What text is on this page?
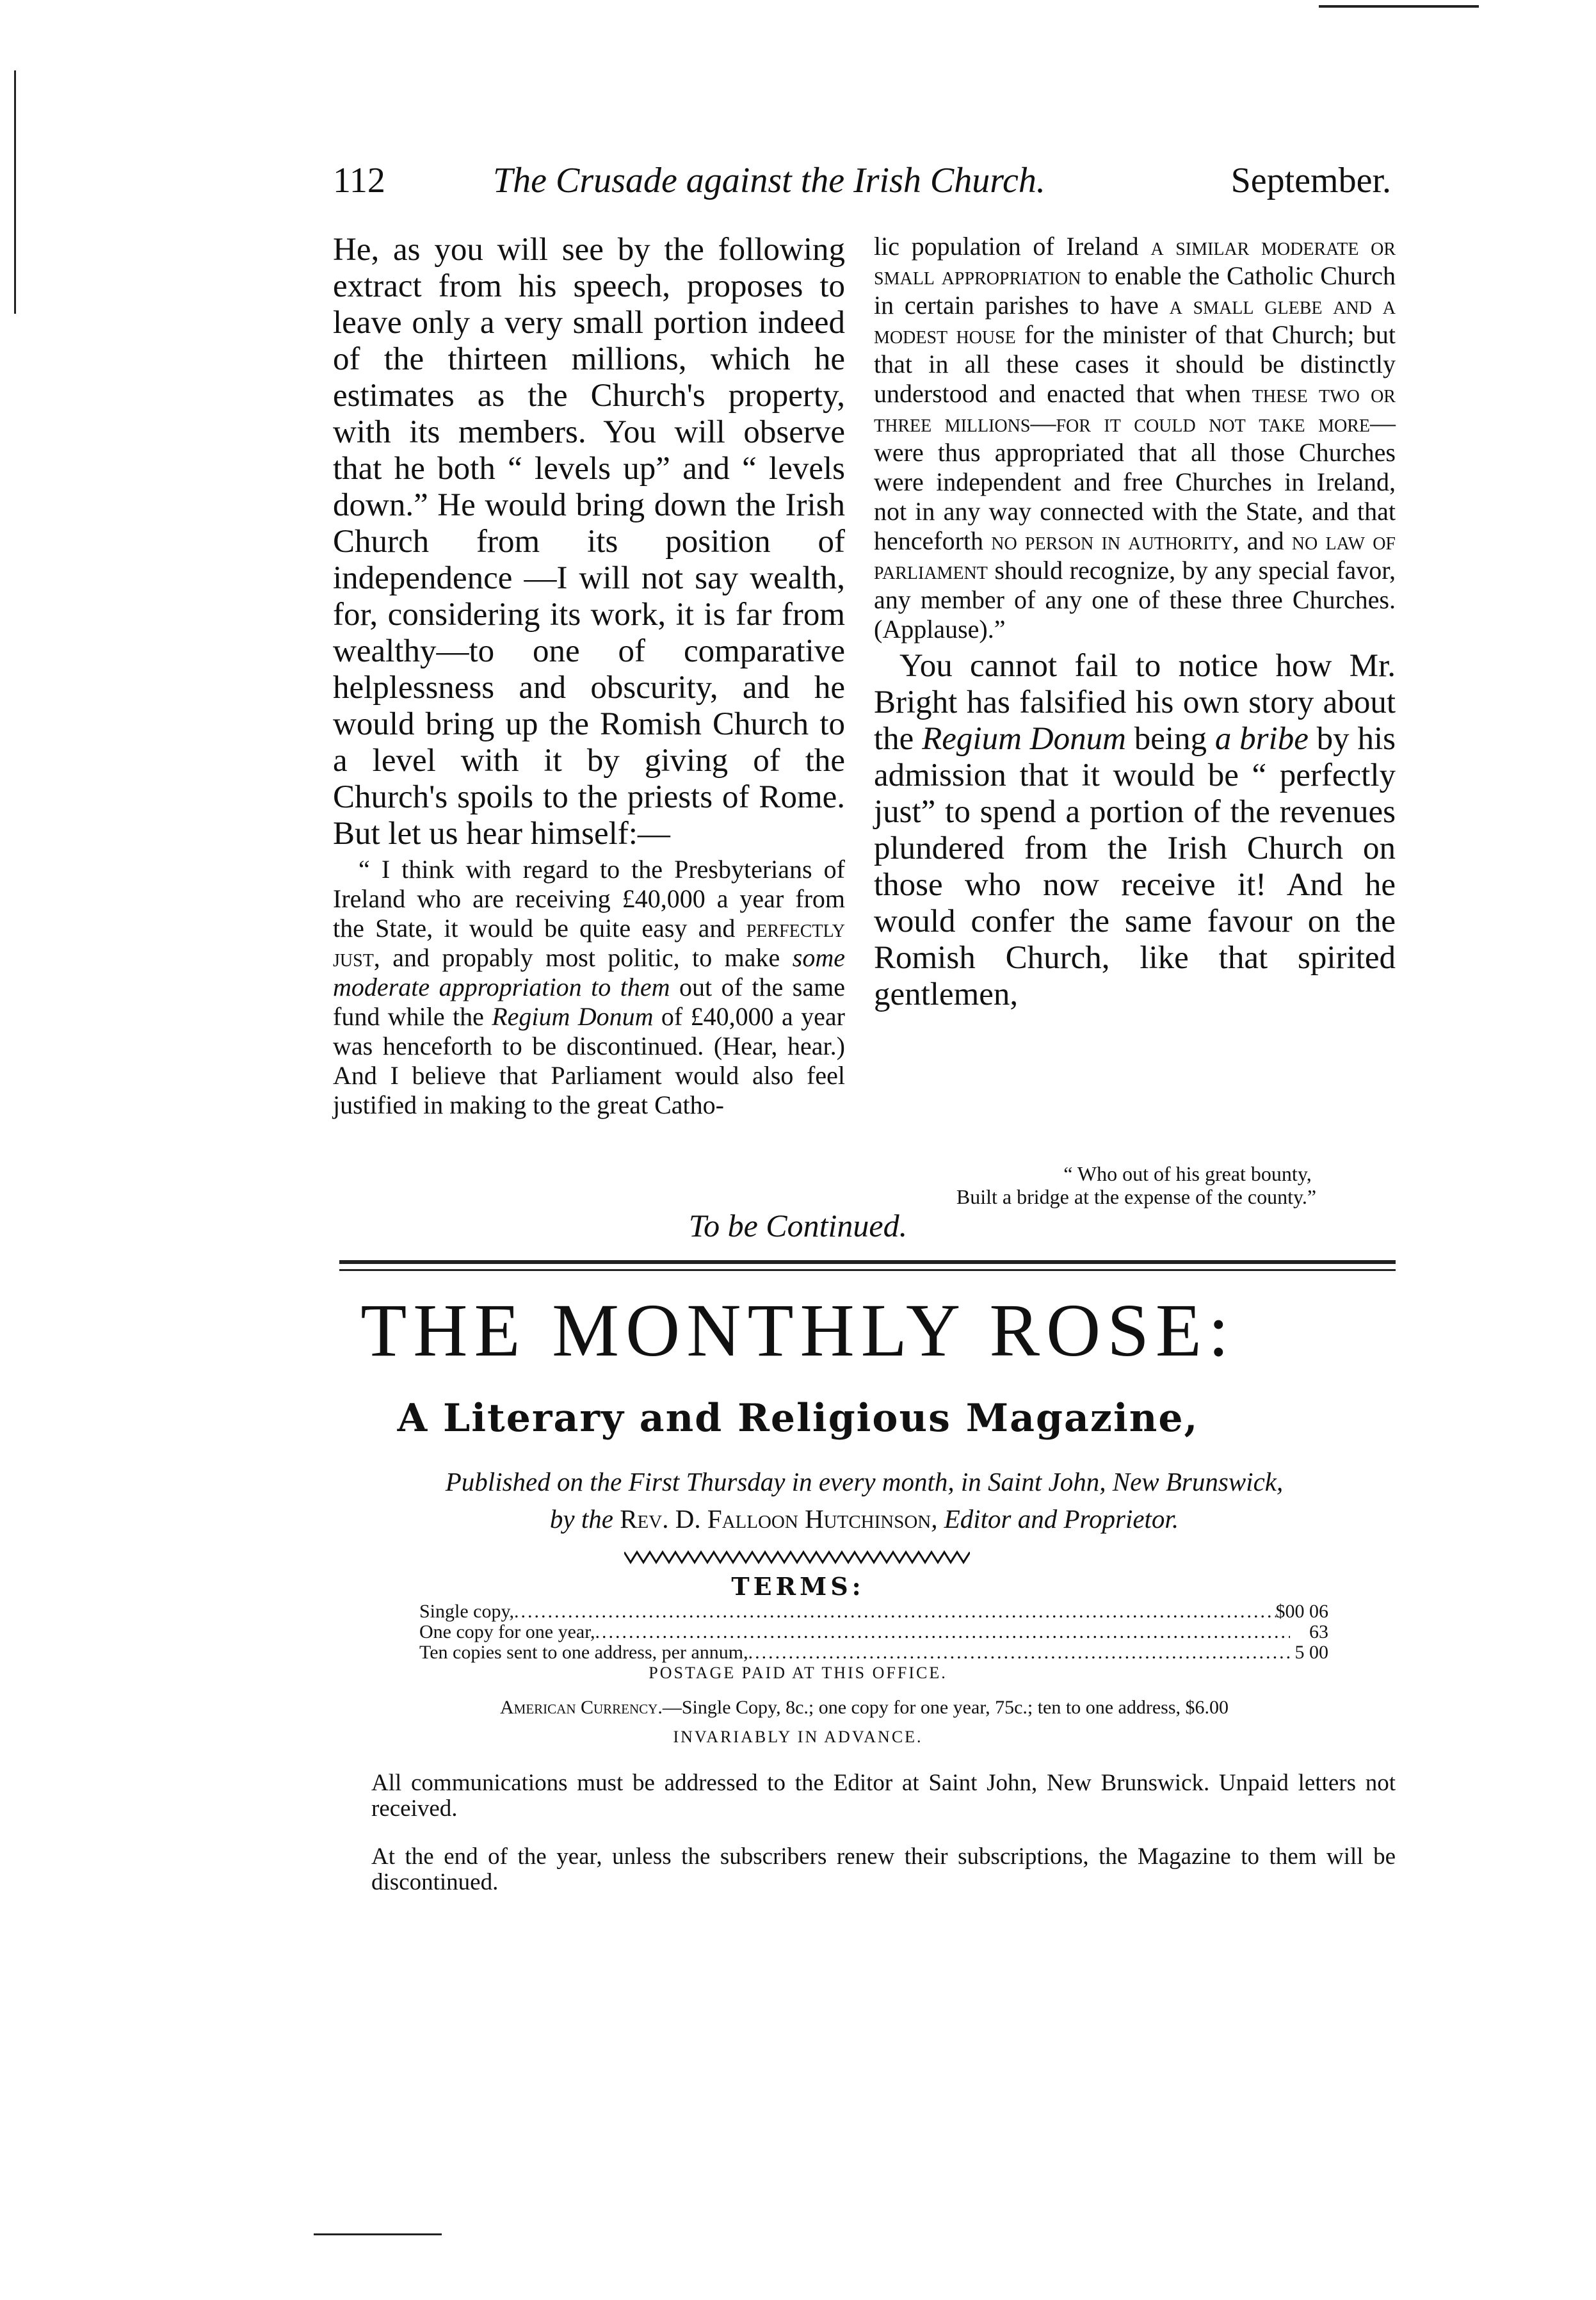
112	The Crusade against the Irish Church.	September.

He, as you will see by the following extract from his speech, proposes to leave only a very small portion indeed of the thirteen millions, which he estimates as the Church's property, with its members. You will observe that he both “ levels up” and “ levels down.” He would bring down the Irish Church from its position of independence —I will not say wealth, for, considering its work, it is far from wealthy—to one of comparative helplessness and obscurity, and he would bring up the Romish Church to a level with it by giving of the Church's spoils to the priests of Rome. But let us hear himself:—

“ I think with regard to the Presbyterians of Ireland who are receiving £40,000 a year from the State, it would be quite easy and perfectly just, and propably most politic, to make some moderate appropriation to them out of the same fund while the Regium Donum of £40,000 a year was henceforth to be discontinued. (Hear, hear.) And I believe that Parliament would also feel justified in making to the great Catho-

lic population of Ireland a similar moderate or small appropriation to enable the Catholic Church in certain parishes to have a small glebe and a modest house for the minister of that Church; but that in all these cases it should be distinctly understood and enacted that when these two or three millions—for it could not take more—were thus appropriated that all those Churches were independent and free Churches in Ireland, not in any way connected with the State, and that henceforth no person in authority, and no law of parliament should recognize, by any special favor, any member of any one of these three Churches. (Applause).”

You cannot fail to notice how Mr. Bright has falsified his own story about the Regium Donum being a bribe by his admission that it would be “ perfectly just” to spend a portion of the revenues plundered from the Irish Church on those who now receive it! And he would confer the same favour on the Romish Church, like that spirited gentlemen,

“ Who out of his great bounty,
Built a bridge at the expense of the county.”
To be Continued.
THE MONTHLY ROSE:
A Literary and Religious Magazine,
Published on the First Thursday in every month, in Saint John, New Brunswick,
by the Rev. D. Falloon Hutchinson, Editor and Proprietor.
TERMS:
Single copy, .....	$00 06
One copy for one year, .....	63
Ten copies sent to one address, per annum, .....	5 00
POSTAGE PAID AT THIS OFFICE.
American Currency.—Single Copy, 8c.; one copy for one year, 75c.; ten to one address, $6.00
INVARIABLY IN ADVANCE.
All communications must be addressed to the Editor at Saint John, New Brunswick. Unpaid letters not received.
At the end of the year, unless the subscribers renew their subscriptions, the Magazine to them will be discontinued.
